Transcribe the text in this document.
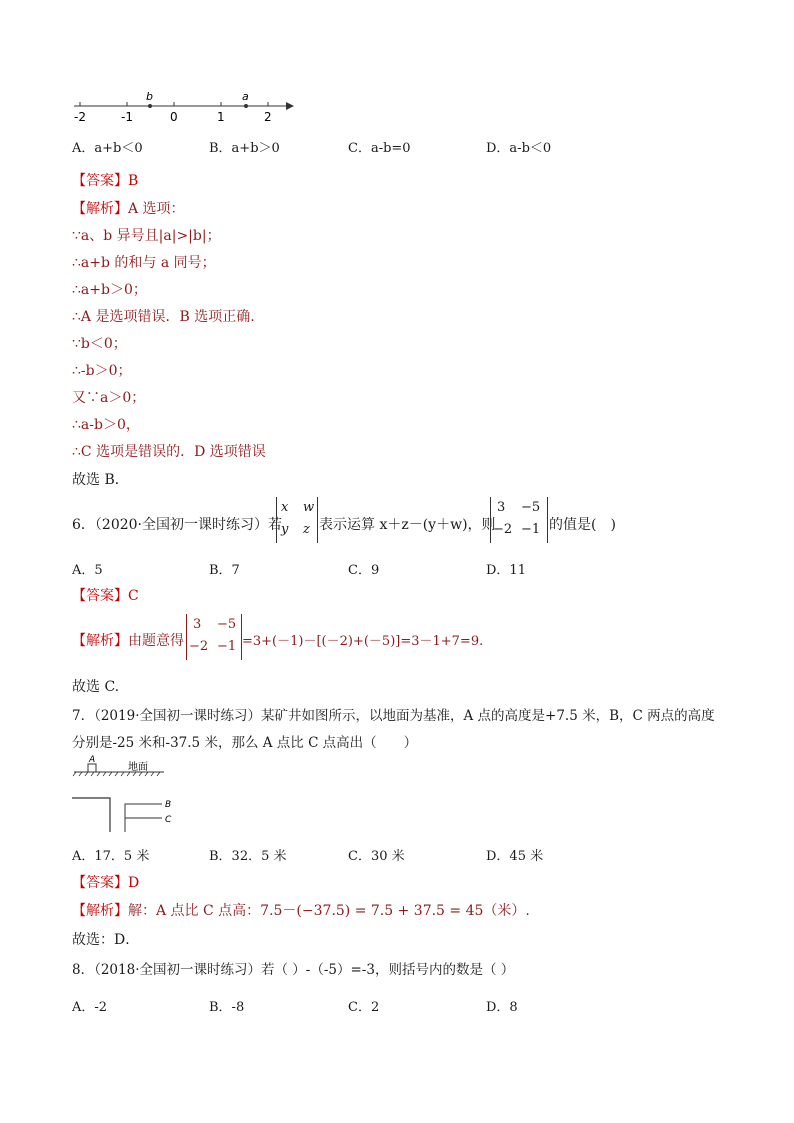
-2	-1	0	1	2
b	a
A．a+b＜0	B．a+b＞0	C．a-b=0	D．a-b＜0
【答案】B
【解析】A 选项：
∵a、b 异号且|a|>|b|；
∴a+b 的和与 a 同号；
∴a+b＞0；
∴A 是选项错误．B 选项正确.
∵b＜0；
∴-b＞0；
又∵a＞0；
∴a-b＞0，
∴C 选项是错误的．D 选项错误
故选 B．
6．（2020·全国初一课时练习）若
x w
y z 表示运算 x＋z－(y＋w)，则
3 −5
−2 −1 的值是(　)
A．5	B．7	C．9	D．11
【答案】C
【解析】由题意得
3 −5
−2 −1 =3+(－1)－[(－2)+(－5)]=3－1+7=9.
故选 C.
7．（2019·全国初一课时练习）某矿井如图所示，以地面为基准，A 点的高度是+7.5 米，B，C 两点的高度
分别是-25 米和-37.5 米，那么 A 点比 C 点高出（　　）
A
地面
B
C
A．17．5 米	B．32．5 米	C．30 米	D．45 米
【答案】D
【解析】解：A 点比 C 点高：7.5－(−37.5) = 7.5 + 37.5 = 45（米）.
故选：D．
8．（2018·全国初一课时练习）若（ ）-（-5）=-3，则括号内的数是（ ）
A．-2	B．-8	C．2	D．8
